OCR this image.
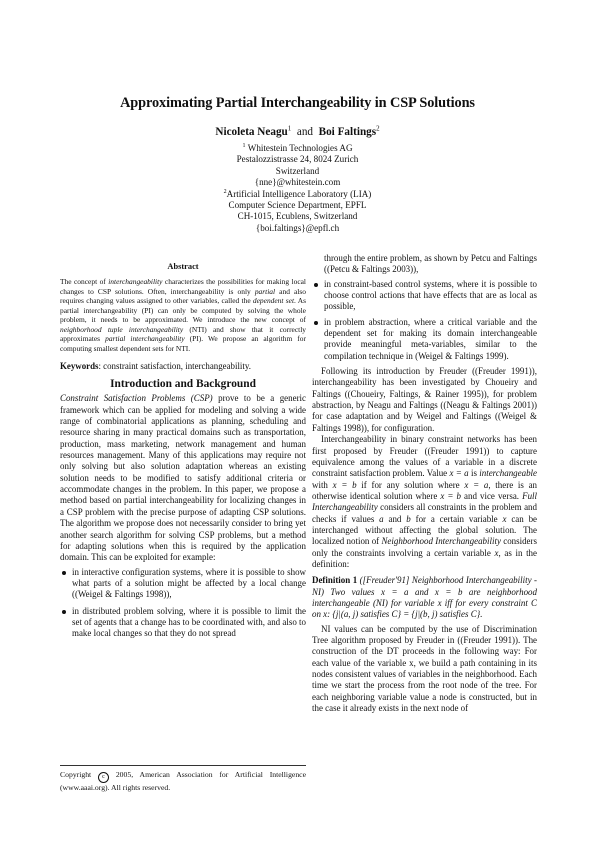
Approximating Partial Interchangeability in CSP Solutions
Nicoleta Neagu$^1$ and Boi Faltings$^2$
$^1$ Whitestein Technologies AG
Pestalozzistrasse 24, 8024 Zurich
Switzerland
{nne}@whitestein.com
$^2$Artificial Intelligence Laboratory (LIA)
Computer Science Department, EPFL
CH-1015, Ecublens, Switzerland
{boi.faltings}@epfl.ch
Abstract
The concept of interchangeability characterizes the possibilities for making local changes to CSP solutions. Often, interchangeability is only partial and also requires changing values assigned to other variables, called the dependent set. As partial interchangeability (PI) can only be computed by solving the whole problem, it needs to be approximated. We introduce the new concept of neighborhood tuple interchangeability (NTI) and show that it correctly approximates partial interchangeability (PI). We propose an algorithm for computing smallest dependent sets for NTI.
Keywords: constraint satisfaction, interchangeability.
Introduction and Background

Constraint Satisfaction Problems (CSP) prove to be a generic framework which can be applied for modeling and solving a wide range of combinatorial applications as planning, scheduling and resource sharing in many practical domains such as transportation, production, mass marketing, network management and human resources management. Many of this applications may require not only solving but also solution adaptation whereas an existing solution needs to be modified to satisfy additional criteria or accommodate changes in the problem. In this paper, we propose a method based on partial interchangeability for localizing changes in a CSP problem with the precise purpose of adapting CSP solutions. The algorithm we propose does not necessarily consider to bring yet another search algorithm for solving CSP problems, but a method for adapting solutions when this is required by the application domain. This can be exploited for example:

in interactive configuration systems, where it is possible to show what parts of a solution might be affected by a local change ((Weigel & Faltings 1998)),
in distributed problem solving, where it is possible to limit the set of agents that a change has to be coordinated with, and also to make local changes so that they do not spread
Copyright c 2005, American Association for Artificial Intelligence (www.aaai.org). All rights reserved.

through the entire problem, as shown by Petcu and Faltings ((Petcu & Faltings 2003)),

in constraint-based control systems, where it is possible to choose control actions that have effects that are as local as possible,
in problem abstraction, where a critical variable and the dependent set for making its domain interchangeable provide meaningful meta-variables, similar to the compilation technique in (Weigel & Faltings 1999).

Following its introduction by Freuder ((Freuder 1991)), interchangeability has been investigated by Choueiry and Faltings ((Choueiry, Faltings, & Rainer 1995)), for problem abstraction, by Neagu and Faltings ((Neagu & Faltings 2001)) for case adaptation and by Weigel and Faltings ((Weigel & Faltings 1998)), for configuration.

Interchangeability in binary constraint networks has been first proposed by Freuder ((Freuder 1991)) to capture equivalence among the values of a variable in a discrete constraint satisfaction problem. Value x = a is interchangeable with x = b if for any solution where x = a, there is an otherwise identical solution where x = b and vice versa. Full Interchangeability considers all constraints in the problem and checks if values a and b for a certain variable x can be interchanged without affecting the global solution. The localized notion of Neighborhood Interchangeability considers only the constraints involving a certain variable x, as in the definition:

Definition 1 ([Freuder'91] Neighborhood Interchangeability - NI) Two values x = a and x = b are neighborhood interchangeable (NI) for variable x iff for every constraint C on x: {j|(a, j) satisfies C} = {j|(b, j) satisfies C}.

NI values can be computed by the use of Discrimination Tree algorithm proposed by Freuder in ((Freuder 1991)). The construction of the DT proceeds in the following way: For each value of the variable x, we build a path containing in its nodes consistent values of variables in the neighborhood. Each time we start the process from the root node of the tree. For each neighboring variable value a node is constructed, but in the case it already exists in the next node of
